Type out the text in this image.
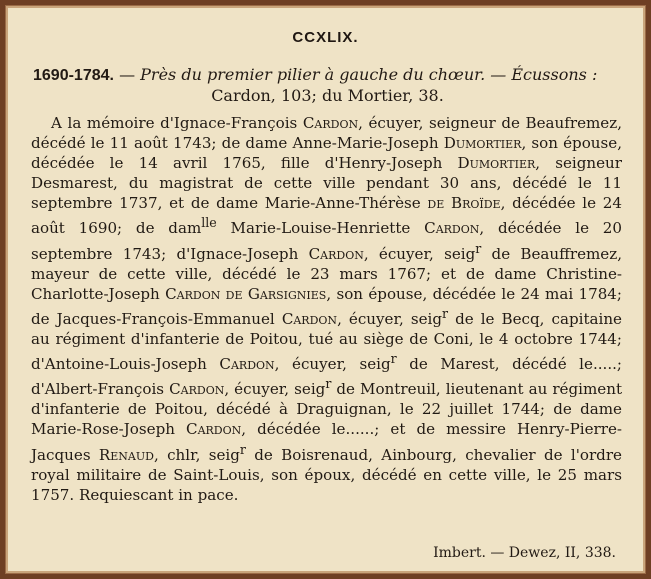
CCXLIX.
1690-1784. — Près du premier pilier à gauche du chœur. — Écussons :
Cardon, 103; du Mortier, 38.

A la mémoire d'Ignace-François Cardon, écuyer, seigneur de Beaufremez, décédé le 11 août 1743; de dame Anne-Marie-Joseph Dumortier, son épouse, décédée le 14 avril 1765, fille d'Henry-Joseph Dumortier, seigneur Desmarest, du magistrat de cette ville pendant 30 ans, décédé le 11 septembre 1737, et de dame Marie-Anne-Thérèse de Broïde, décédée le 24 août 1690; de dam$^{lle}$ Marie-Louise-Henriette Cardon, décédée le 20 septembre 1743; d'Ignace-Joseph Cardon, écuyer, seig$^r$ de Beauffremez, mayeur de cette ville, décédé le 23 mars 1767; et de dame Christine-Charlotte-Joseph Cardon de Garsignies, son épouse, décédée le 24 mai 1784; de Jacques-François-Emmanuel Cardon, écuyer, seig$^r$ de le Becq, capitaine au régiment d'infanterie de Poitou, tué au siège de Coni, le 4 octobre 1744; d'Antoine-Louis-Joseph Cardon, écuyer, seig$^r$ de Marest, décédé le.....; d'Albert-François Cardon, écuyer, seig$^r$ de Montreuil, lieutenant au régiment d'infanterie de Poitou, décédé à Draguignan, le 22 juillet 1744; de dame Marie-Rose-Joseph Cardon, décédée le......; et de messire Henry-Pierre-Jacques Renaud, chlr, seig$^r$ de Boisrenaud, Ainbourg, chevalier de l'ordre royal militaire de Saint-Louis, son époux, décédé en cette ville, le 25 mars 1757. Requiescant in pace.

Imbert. — Dewez, II, 338.
